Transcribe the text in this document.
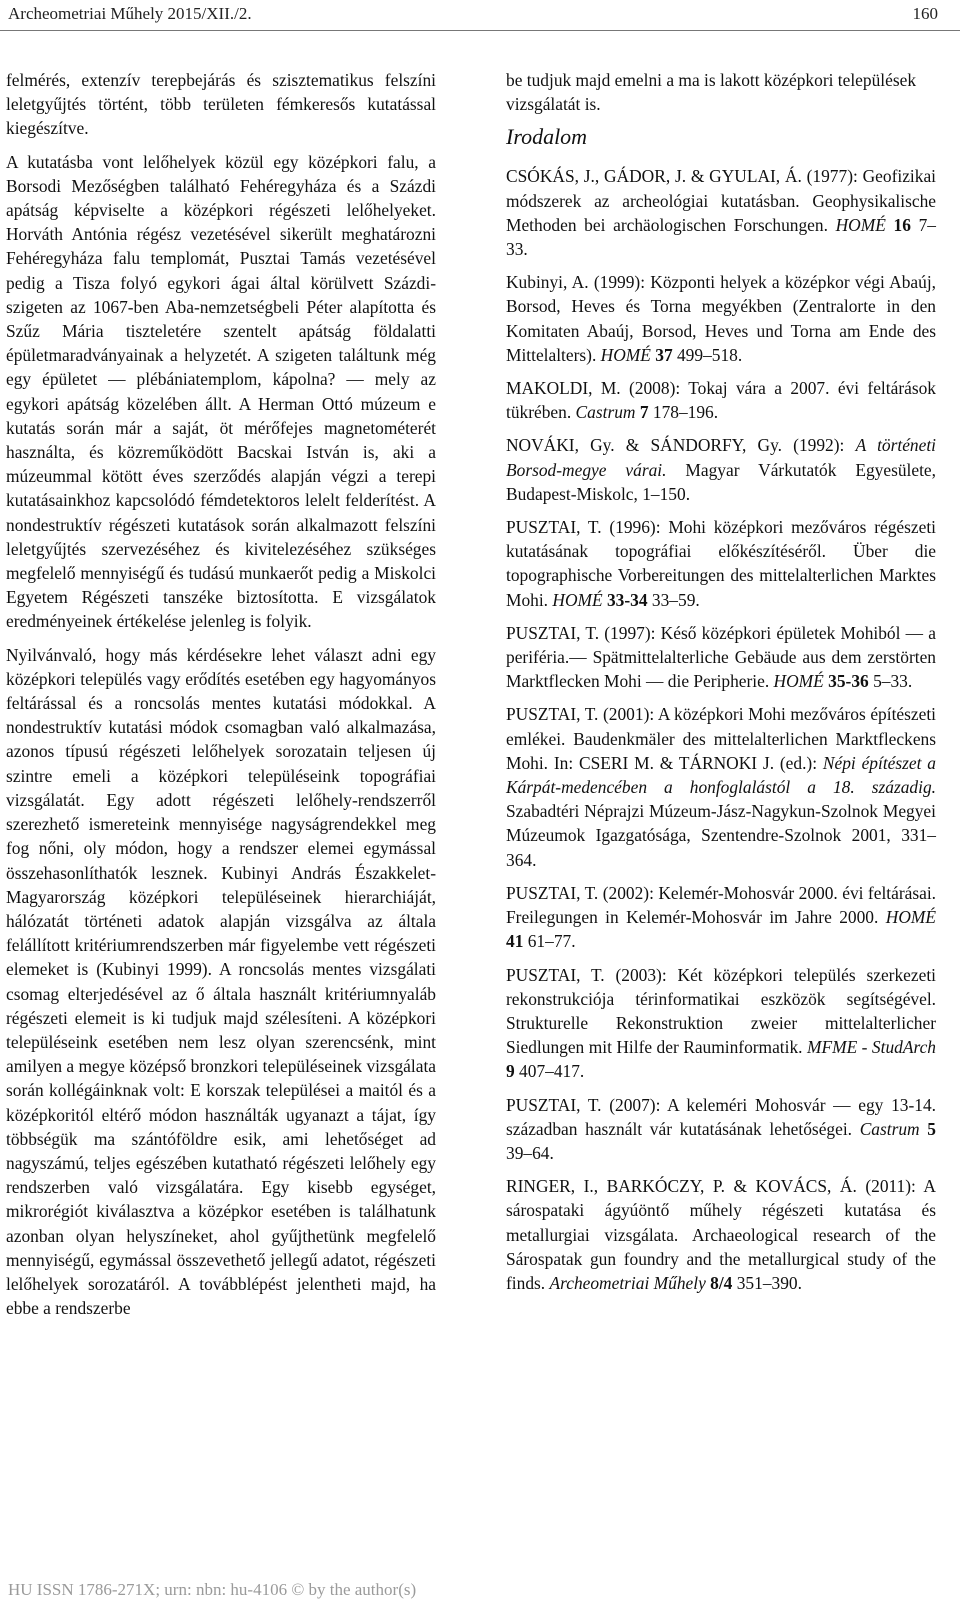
Archeometriai Műhely 2015/XII./2.	160

felmérés, extenzív terepbejárás és szisztematikus felszíni leletgyűjtés történt, több területen fémkeresős kutatással kiegészítve.

A kutatásba vont lelőhelyek közül egy középkori falu, a Borsodi Mezőségben található Fehéregyháza és a Százdi apátság képviselte a középkori régészeti lelőhelyeket. Horváth Antónia régész vezetésével sikerült meghatározni Fehéregyháza falu templomát, Pusztai Tamás vezetésével pedig a Tisza folyó egykori ágai által körülvett Százdi-szigeten az 1067-ben Aba-nemzetségbeli Péter alapította és Szűz Mária tiszteletére szentelt apátság földalatti épületmaradványainak a helyzetét. A szigeten találtunk még egy épületet — plébániatemplom, kápolna? — mely az egykori apátság közelében állt. A Herman Ottó múzeum e kutatás során már a saját, öt mérőfejes magnetométerét használta, és közreműködött Bacskai István is, aki a múzeummal kötött éves szerződés alapján végzi a terepi kutatásainkhoz kapcsolódó fémdetektoros lelelt felderítést. A nondestruktív régészeti kutatások során alkalmazott felszíni leletgyűjtés szervezéséhez és kivitelezéséhez szükséges megfelelő mennyiségű és tudású munkaerőt pedig a Miskolci Egyetem Régészeti tanszéke biztosította. E vizsgálatok eredményeinek értékelése jelenleg is folyik.

Nyilvánvaló, hogy más kérdésekre lehet választ adni egy középkori település vagy erődítés esetében egy hagyományos feltárással és a roncsolás mentes kutatási módokkal. A nondestruktív kutatási módok csomagban való alkalmazása, azonos típusú régészeti lelőhelyek sorozatain teljesen új szintre emeli a középkori településeink topográfiai vizsgálatát. Egy adott régészeti lelőhely-rendszerről szerezhető ismereteink mennyisége nagyságrendekkel meg fog nőni, oly módon, hogy a rendszer elemei egymással összehasonlíthatók lesznek. Kubinyi András Északkelet-Magyarország középkori településeinek hierarchiáját, hálózatát történeti adatok alapján vizsgálva az általa felállított kritériumrendszerben már figyelembe vett régészeti elemeket is (Kubinyi 1999). A roncsolás mentes vizsgálati csomag elterjedésével az ő általa használt kritériumnyaláb régészeti elemeit is ki tudjuk majd szélesíteni. A középkori településeink esetében nem lesz olyan szerencsénk, mint amilyen a megye középső bronzkori településeinek vizsgálata során kollégáinknak volt: E korszak települései a maitól és a középkoritól eltérő módon használták ugyanazt a tájat, így többségük ma szántóföldre esik, ami lehetőséget ad nagyszámú, teljes egészében kutatható régészeti lelőhely egy rendszerben való vizsgálatára. Egy kisebb egységet, mikrorégiót kiválasztva a középkor esetében is találhatunk azonban olyan helyszíneket, ahol gyűjthetünk megfelelő mennyiségű, egymással összevethető jellegű adatot, régészeti lelőhelyek sorozatáról. A továbblépést jelentheti majd, ha ebbe a rendszerbe

be tudjuk majd emelni a ma is lakott középkori települések vizsgálatát is.

Irodalom

CSÓKÁS, J., GÁDOR, J. & GYULAI, Á. (1977): Geofizikai módszerek az archeológiai kutatásban. Geophysikalische Methoden bei archäologischen Forschungen. HOMÉ 16 7–33.

Kubinyi, A. (1999): Központi helyek a középkor végi Abaúj, Borsod, Heves és Torna megyékben (Zentralorte in den Komitaten Abaúj, Borsod, Heves und Torna am Ende des Mittelalters). HOMÉ 37 499–518.

MAKOLDI, M. (2008): Tokaj vára a 2007. évi feltárások tükrében. Castrum 7 178–196.

NOVÁKI, Gy. & SÁNDORFY, Gy. (1992): A történeti Borsod-megye várai. Magyar Várkutatók Egyesülete, Budapest-Miskolc, 1–150.

PUSZTAI, T. (1996): Mohi középkori mezőváros régészeti kutatásának topográfiai előkészítéséről. Über die topographische Vorbereitungen des mittelalterlichen Marktes Mohi. HOMÉ 33-34 33–59.

PUSZTAI, T. (1997): Késő középkori épületek Mohiból — a periféria.— Spätmittelalterliche Gebäude aus dem zerstörten Marktflecken Mohi — die Peripherie. HOMÉ 35-36 5–33.

PUSZTAI, T. (2001): A középkori Mohi mezőváros építészeti emlékei. Baudenkmäler des mittelalterlichen Marktfleckens Mohi. In: CSERI M. & TÁRNOKI J. (ed.): Népi építészet a Kárpát-medencében a honfoglalástól a 18. századig. Szabadtéri Néprajzi Múzeum-Jász-Nagykun-Szolnok Megyei Múzeumok Igazgatósága, Szentendre-Szolnok 2001, 331–364.

PUSZTAI, T. (2002): Kelemér-Mohosvár 2000. évi feltárásai. Freilegungen in Kelemér-Mohosvár im Jahre 2000. HOMÉ 41 61–77.

PUSZTAI, T. (2003): Két középkori település szerkezeti rekonstrukciója térinformatikai eszközök segítségével. Strukturelle Rekonstruktion zweier mittelalterlicher Siedlungen mit Hilfe der Rauminformatik. MFME - StudArch 9 407–417.

PUSZTAI, T. (2007): A keleméri Mohosvár — egy 13-14. században használt vár kutatásának lehetőségei. Castrum 5 39–64.

RINGER, I., BARKÓCZY, P. & KOVÁCS, Á. (2011): A sárospataki ágyúöntő műhely régészeti kutatása és metallurgiai vizsgálata. Archaeological research of the Sárospatak gun foundry and the metallurgical study of the finds. Archeometriai Műhely 8/4 351–390.

HU ISSN 1786-271X; urn: nbn: hu-4106 © by the author(s)
